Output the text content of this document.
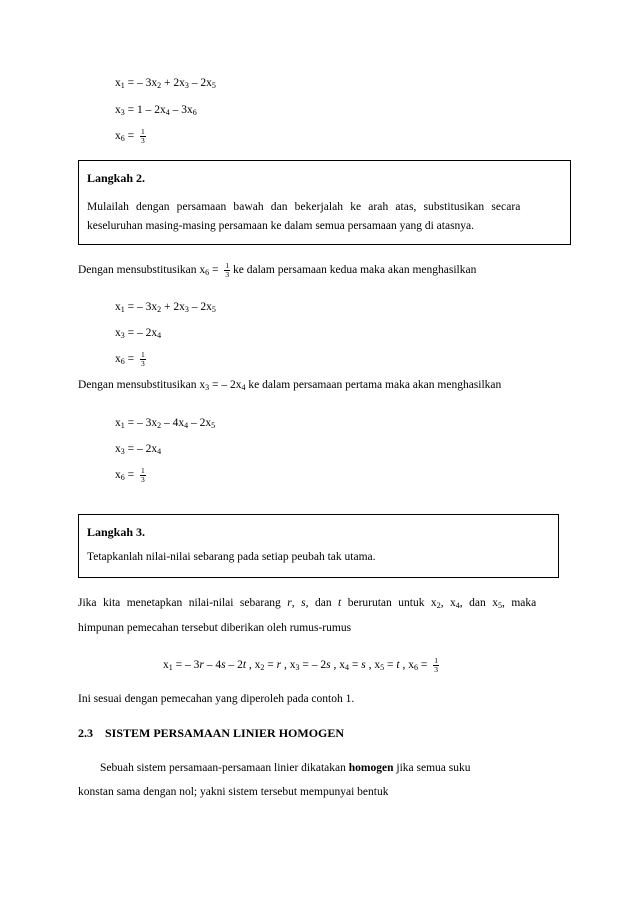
$x_1$ = – $3x_2 + 2x_3 - 2x_5$
$x_3 = 1 - 2x_4 - 3x_6$
$x_6 = \frac{1}{3}$
Langkah 2.
Mulailah dengan persamaan bawah dan bekerjalah ke arah atas, substitusikan secara
keseluruhan masing-masing persamaan ke dalam semua persamaan yang di atasnya.
Dengan mensubstitusikan $x_6 = \frac{1}{3}$ ke dalam persamaan kedua maka akan menghasilkan
$x_1$ = – $3x_2 + 2x_3 - 2x_5$
$x_3$ = – $2x_4$
$x_6 = \frac{1}{3}$
Dengan mensubstitusikan $x_3$ = – $2x_4$ ke dalam persamaan pertama maka akan menghasilkan
$x_1$ = – $3x_2 - 4x_4 - 2x_5$
$x_3$ = – $2x_4$
$x_6 = \frac{1}{3}$
Langkah 3.
Tetapkanlah nilai-nilai sebarang pada setiap peubah tak utama.
Jika kita menetapkan nilai-nilai sebarang r, s, dan t berurutan untuk $x_2$, $x_4$, dan $x_5$, maka
himpunan pemecahan tersebut diberikan oleh rumus-rumus
$x_1$ = – 3r – 4s – 2t , $x_2 = r$ , $x_3$ = – 2s , $x_4 = s$ , $x_5 = t$ , $x_6 = \frac{1}{3}$
Ini sesuai dengan pemecahan yang diperoleh pada contoh 1.
2.3 SISTEM PERSAMAAN LINIER HOMOGEN
Sebuah sistem persamaan-persamaan linier dikatakan homogen jika semua suku
konstan sama dengan nol; yakni sistem tersebut mempunyai bentuk
